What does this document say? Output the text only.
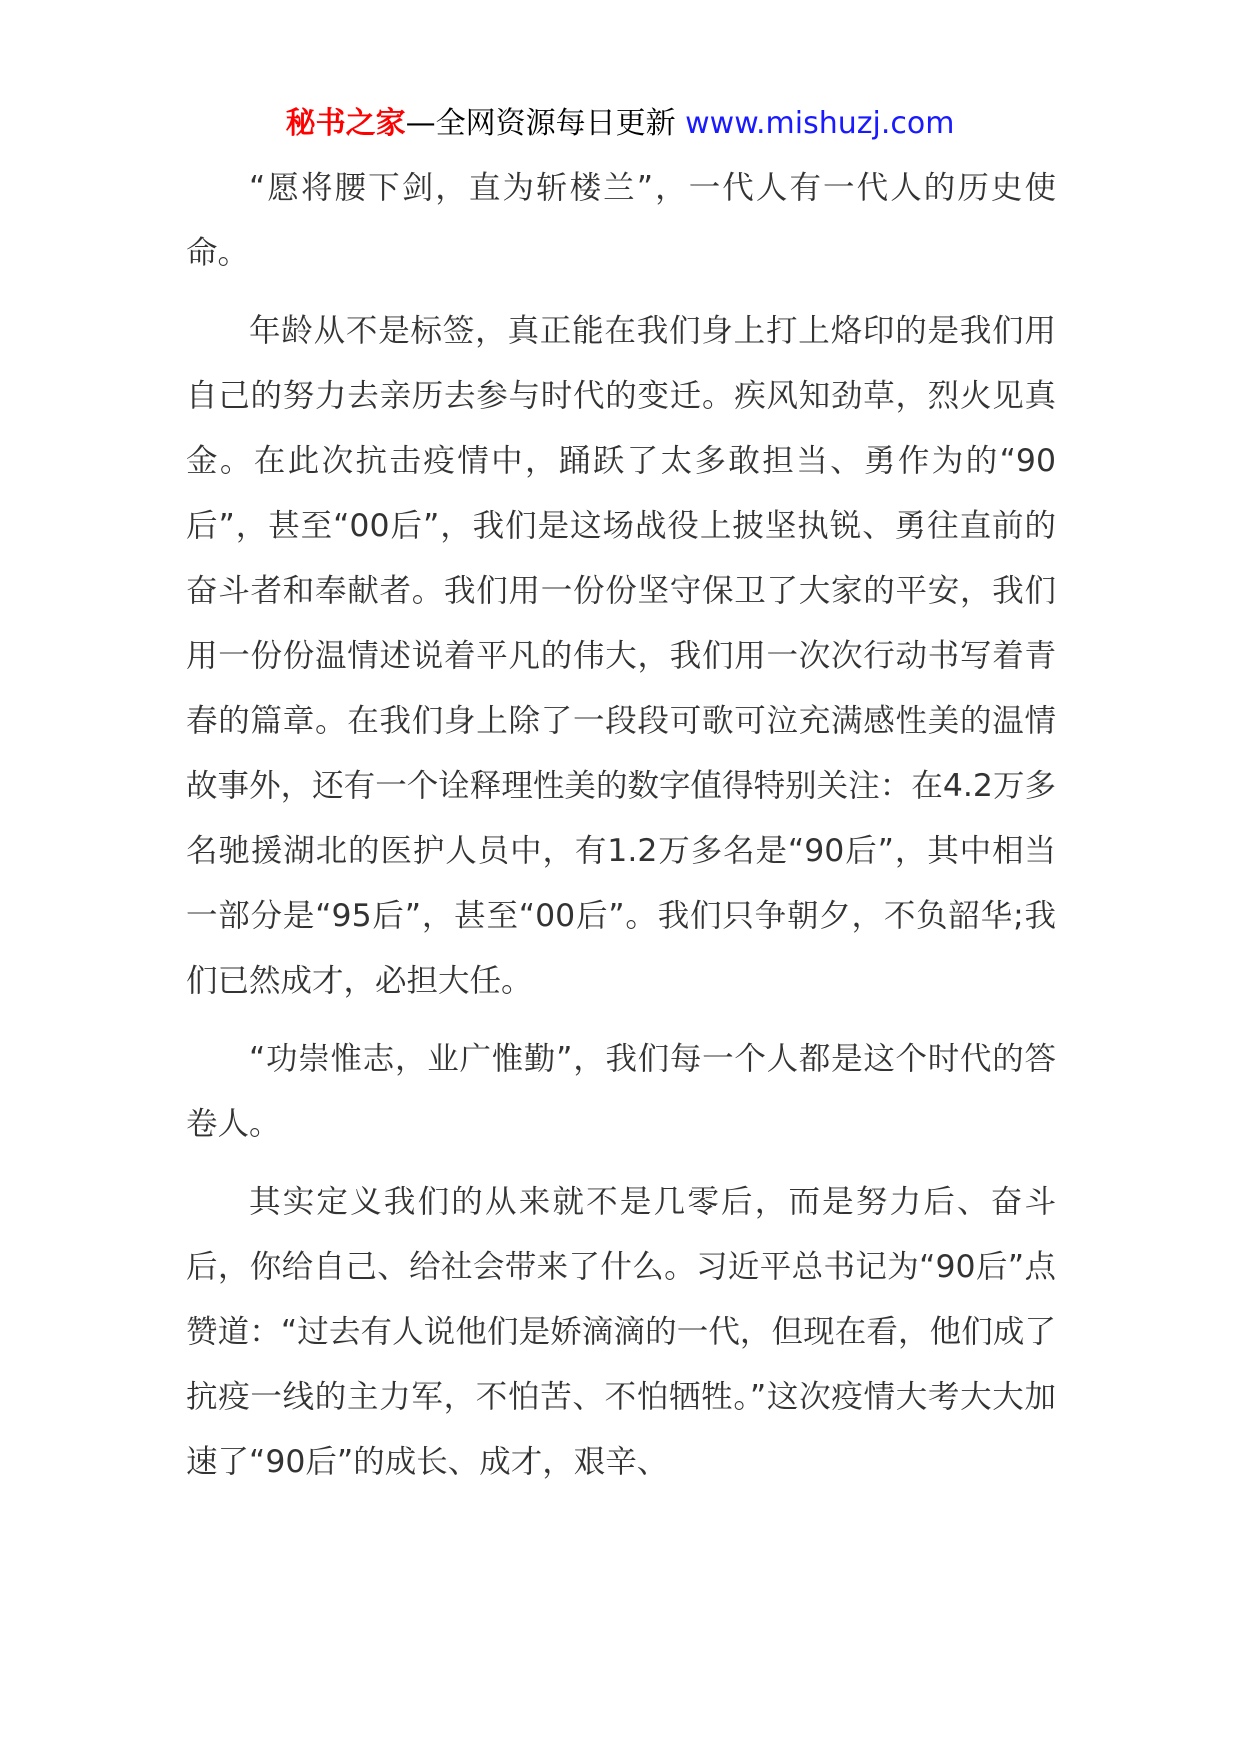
秘书之家—全网资源每日更新 www.mishuzj.com

“愿将腰下剑，直为斩楼兰”，一代人有一代人的历史使命。

年龄从不是标签，真正能在我们身上打上烙印的是我们用自己的努力去亲历去参与时代的变迁。疾风知劲草，烈火见真金。在此次抗击疫情中，踊跃了太多敢担当、勇作为的“90后”，甚至“00后”，我们是这场战役上披坚执锐、勇往直前的奋斗者和奉献者。我们用一份份坚守保卫了大家的平安，我们用一份份温情述说着平凡的伟大，我们用一次次行动书写着青春的篇章。在我们身上除了一段段可歌可泣充满感性美的温情故事外，还有一个诠释理性美的数字值得特别关注：在4.2万多名驰援湖北的医护人员中，有1.2万多名是“90后”，其中相当一部分是“95后”，甚至“00后”。我们只争朝夕，不负韶华;我们已然成才，必担大任。

“功崇惟志，业广惟勤”，我们每一个人都是这个时代的答卷人。

其实定义我们的从来就不是几零后，而是努力后、奋斗后，你给自己、给社会带来了什么。习近平总书记为“90后”点赞道：“过去有人说他们是娇滴滴的一代，但现在看，他们成了抗疫一线的主力军，不怕苦、不怕牺牲。”这次疫情大考大大加速了“90后”的成长、成才，艰辛、
